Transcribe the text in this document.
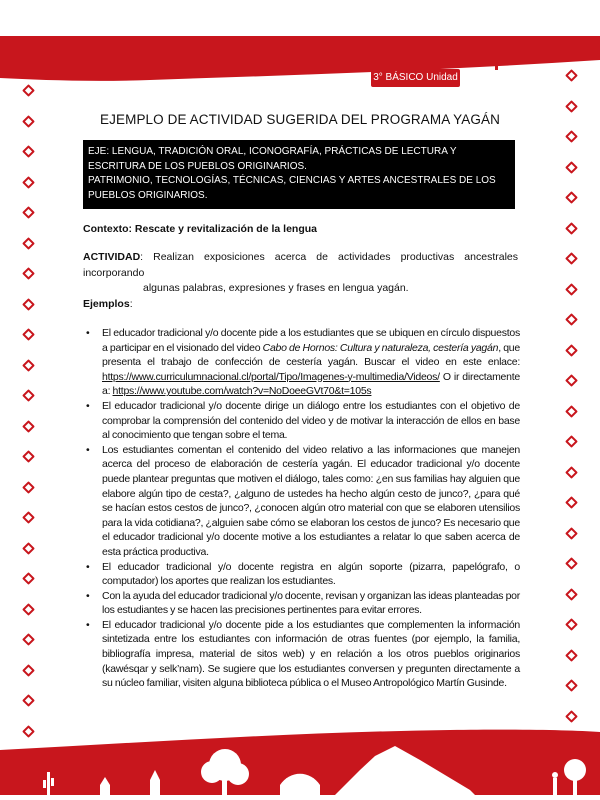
3° BÁSICO Unidad 2
EJEMPLO DE ACTIVIDAD SUGERIDA DEL PROGRAMA YAGÁN
EJE: LENGUA, TRADICIÓN ORAL, ICONOGRAFÍA, PRÁCTICAS DE LECTURA Y ESCRITURA DE LOS PUEBLOS ORIGINARIOS.
PATRIMONIO, TECNOLOGÍAS, TÉCNICAS, CIENCIAS Y ARTES ANCESTRALES DE LOS PUEBLOS ORIGINARIOS.
Contexto: Rescate y revitalización de la lengua
ACTIVIDAD: Realizan exposiciones acerca de actividades productivas ancestrales incorporando
algunas palabras, expresiones y frases en lengua yagán.
Ejemplos:
• El educador tradicional y/o docente pide a los estudiantes que se ubiquen en círculo dispuestos a participar en el visionado del video Cabo de Hornos: Cultura y naturaleza, cestería yagán, que presenta el trabajo de confección de cestería yagán. Buscar el video en este enlace: https://www.curriculumnacional.cl/portal/Tipo/Imagenes-y-multimedia/Videos/ O ir directamente a: https://www.youtube.com/watch?v=NoDoeeGVt70&t=105s
• El educador tradicional y/o docente dirige un diálogo entre los estudiantes con el objetivo de comprobar la comprensión del contenido del video y de motivar la interacción de ellos en base al conocimiento que tengan sobre el tema.
• Los estudiantes comentan el contenido del video relativo a las informaciones que manejen acerca del proceso de elaboración de cestería yagán. El educador tradicional y/o docente puede plantear preguntas que motiven el diálogo, tales como: ¿en sus familias hay alguien que elabore algún tipo de cesta?, ¿alguno de ustedes ha hecho algún cesto de junco?, ¿para qué se hacían estos cestos de junco?, ¿conocen algún otro material con que se elaboren utensilios para la vida cotidiana?, ¿alguien sabe cómo se elaboran los cestos de junco? Es necesario que el educador tradicional y/o docente motive a los estudiantes a relatar lo que saben acerca de esta práctica productiva.
• El educador tradicional y/o docente registra en algún soporte (pizarra, papelógrafo, o computador) los aportes que realizan los estudiantes.
• Con la ayuda del educador tradicional y/o docente, revisan y organizan las ideas planteadas por los estudiantes y se hacen las precisiones pertinentes para evitar errores.
• El educador tradicional y/o docente pide a los estudiantes que complementen la información sintetizada entre los estudiantes con información de otras fuentes (por ejemplo, la familia, bibliografía impresa, material de sitos web) y en relación a los otros pueblos originarios (kawésqar y selk’nam). Se sugiere que los estudiantes conversen y pregunten directamente a su núcleo familiar, visiten alguna biblioteca pública o el Museo Antropológico Martín Gusinde.
